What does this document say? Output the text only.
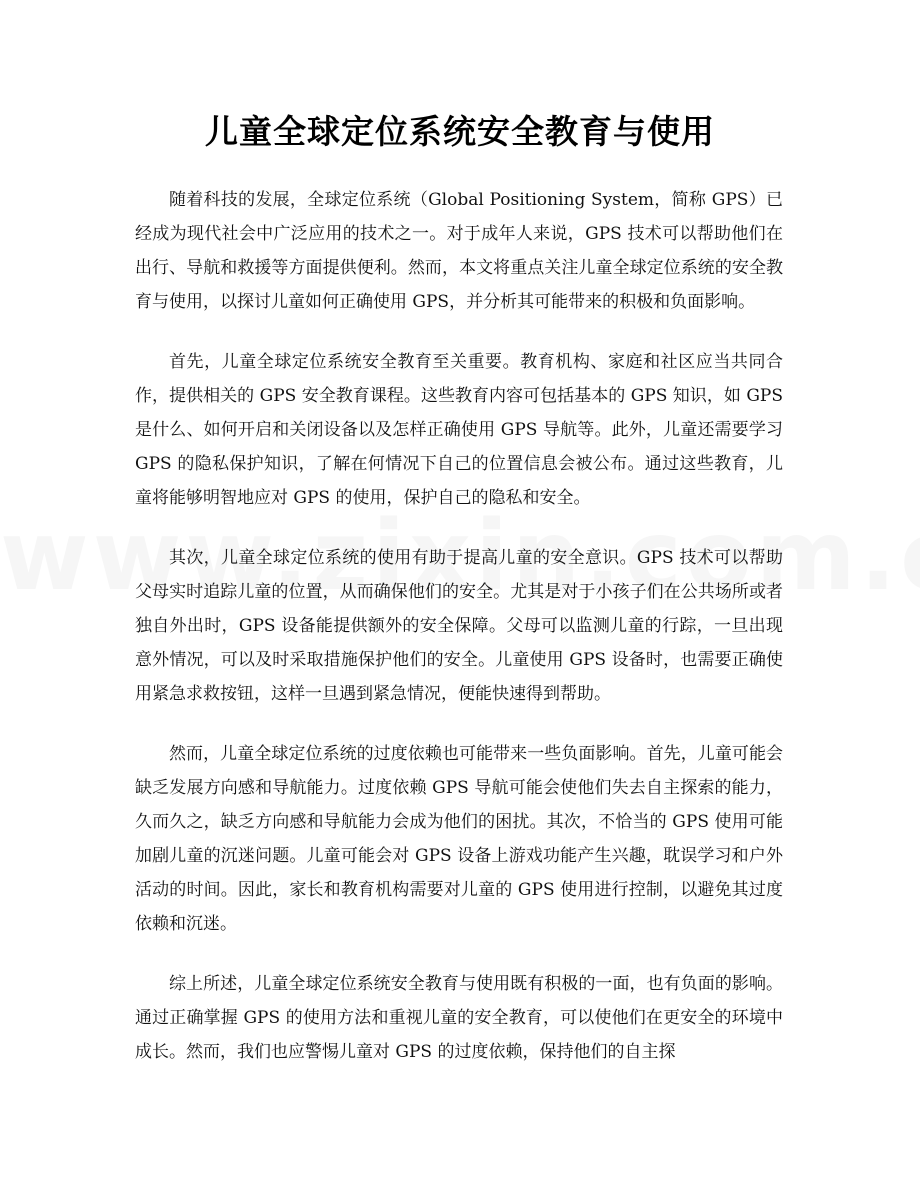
儿童全球定位系统安全教育与使用

随着科技的发展，全球定位系统（Global Positioning System，简称 GPS）已经成为现代社会中广泛应用的技术之一。对于成年人来说，GPS 技术可以帮助他们在出行、导航和救援等方面提供便利。然而，本文将重点关注儿童全球定位系统的安全教育与使用，以探讨儿童如何正确使用 GPS，并分析其可能带来的积极和负面影响。

首先，儿童全球定位系统安全教育至关重要。教育机构、家庭和社区应当共同合作，提供相关的 GPS 安全教育课程。这些教育内容可包括基本的 GPS 知识，如 GPS 是什么、如何开启和关闭设备以及怎样正确使用 GPS 导航等。此外，儿童还需要学习 GPS 的隐私保护知识，了解在何情况下自己的位置信息会被公布。通过这些教育，儿童将能够明智地应对 GPS 的使用，保护自己的隐私和安全。

其次，儿童全球定位系统的使用有助于提高儿童的安全意识。GPS 技术可以帮助父母实时追踪儿童的位置，从而确保他们的安全。尤其是对于小孩子们在公共场所或者独自外出时，GPS 设备能提供额外的安全保障。父母可以监测儿童的行踪，一旦出现意外情况，可以及时采取措施保护他们的安全。儿童使用 GPS 设备时，也需要正确使用紧急求救按钮，这样一旦遇到紧急情况，便能快速得到帮助。

然而，儿童全球定位系统的过度依赖也可能带来一些负面影响。首先，儿童可能会缺乏发展方向感和导航能力。过度依赖 GPS 导航可能会使他们失去自主探索的能力，久而久之，缺乏方向感和导航能力会成为他们的困扰。其次，不恰当的 GPS 使用可能加剧儿童的沉迷问题。儿童可能会对 GPS 设备上游戏功能产生兴趣，耽误学习和户外活动的时间。因此，家长和教育机构需要对儿童的 GPS 使用进行控制，以避免其过度依赖和沉迷。

综上所述，儿童全球定位系统安全教育与使用既有积极的一面，也有负面的影响。通过正确掌握 GPS 的使用方法和重视儿童的安全教育，可以使他们在更安全的环境中成长。然而，我们也应警惕儿童对 GPS 的过度依赖，保持他们的自主探
